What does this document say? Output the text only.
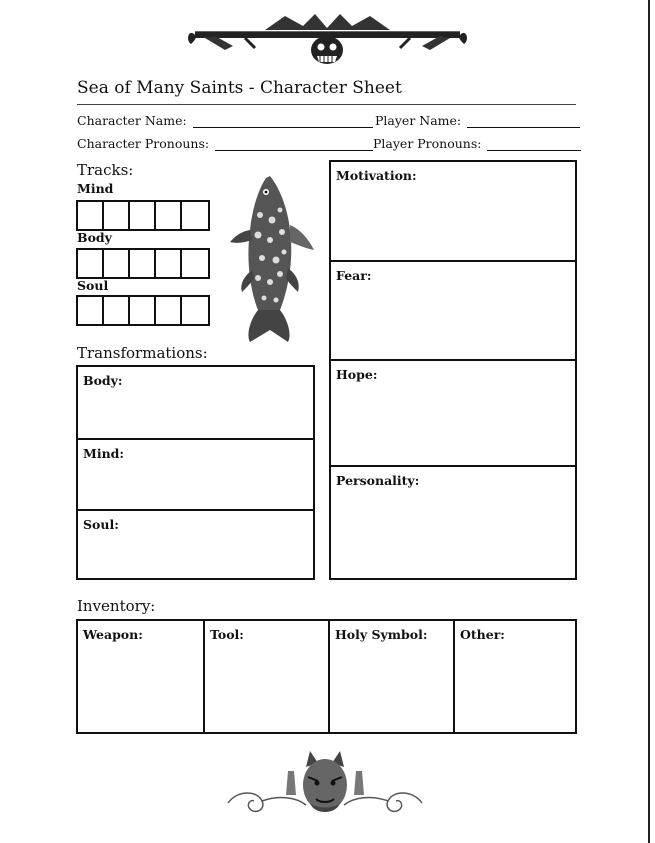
Sea of Many Saints - Character Sheet
Character Name:	Player Name:
Character Pronouns:	Player Pronouns:
Tracks:
Mind
Body
Soul
Transformations:
Body:
Mind:
Soul:
Motivation:
Fear:
Hope:
Personality:
Inventory:
Weapon:	Tool:	Holy Symbol:	Other:
